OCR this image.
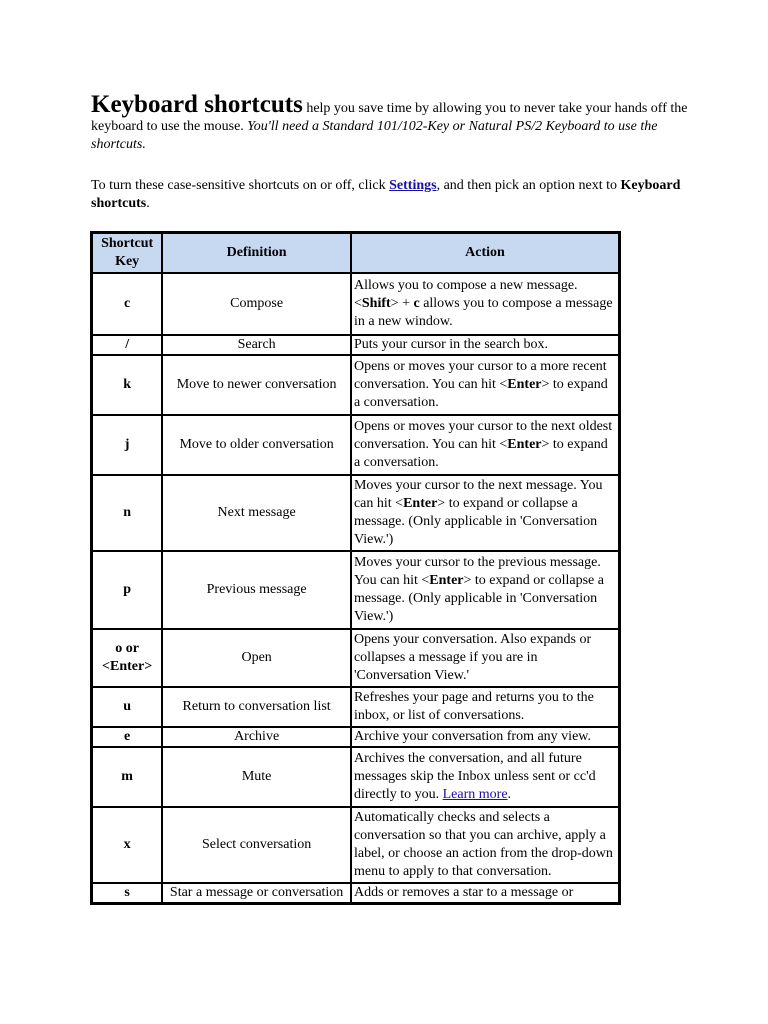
Keyboard shortcuts help you save time by allowing you to never take your hands off the keyboard to use the mouse. You'll need a Standard 101/102-Key or Natural PS/2 Keyboard to use the shortcuts.
To turn these case-sensitive shortcuts on or off, click Settings, and then pick an option next to Keyboard shortcuts.
Shortcut Key	Definition	Action
c	Compose	Allows you to compose a new message. <Shift> + c allows you to compose a message in a new window.
/	Search	Puts your cursor in the search box.
k	Move to newer conversation	Opens or moves your cursor to a more recent conversation. You can hit <Enter> to expand a conversation.
j	Move to older conversation	Opens or moves your cursor to the next oldest conversation. You can hit <Enter> to expand a conversation.
n	Next message	Moves your cursor to the next message. You can hit <Enter> to expand or collapse a message. (Only applicable in 'Conversation View.')
p	Previous message	Moves your cursor to the previous message. You can hit <Enter> to expand or collapse a message. (Only applicable in 'Conversation View.')
o or <Enter>	Open	Opens your conversation. Also expands or collapses a message if you are in 'Conversation View.'
u	Return to conversation list	Refreshes your page and returns you to the inbox, or list of conversations.
e	Archive	Archive your conversation from any view.
m	Mute	Archives the conversation, and all future messages skip the Inbox unless sent or cc'd directly to you. Learn more.
x	Select conversation	Automatically checks and selects a conversation so that you can archive, apply a label, or choose an action from the drop-down menu to apply to that conversation.
s	Star a message or conversation	Adds or removes a star to a message or
